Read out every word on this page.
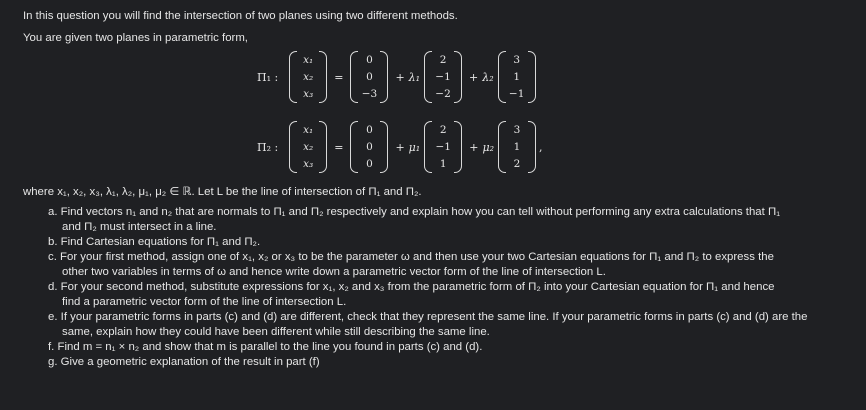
In this question you will find the intersection of two planes using two different methods.
You are given two planes in parametric form,
Π₁ :
x₁
x₂
x₃
=
0
0
−3
+ λ₁
2
−1
−2
+ λ₂
3
1
−1
Π₂ :
x₁
x₂
x₃
=
0
0
0
+ μ₁
2
−1
1
+ μ₂
3
1
2
,
where x₁, x₂, x₃, λ₁, λ₂, μ₁, μ₂ ∈ ℝ. Let L be the line of intersection of Π₁ and Π₂.
a. Find vectors n₁ and n₂ that are normals to Π₁ and Π₂ respectively and explain how you can tell without performing any extra calculations that Π₁
and Π₂ must intersect in a line.
b. Find Cartesian equations for Π₁ and Π₂.
c. For your first method, assign one of x₁, x₂ or x₃ to be the parameter ω and then use your two Cartesian equations for Π₁ and Π₂ to express the
other two variables in terms of ω and hence write down a parametric vector form of the line of intersection L.
d. For your second method, substitute expressions for x₁, x₂ and x₃ from the parametric form of Π₂ into your Cartesian equation for Π₁ and hence
find a parametric vector form of the line of intersection L.
e. If your parametric forms in parts (c) and (d) are different, check that they represent the same line. If your parametric forms in parts (c) and (d) are the
same, explain how they could have been different while still describing the same line.
f. Find m = n₁ × n₂ and show that m is parallel to the line you found in parts (c) and (d).
g. Give a geometric explanation of the result in part (f)
